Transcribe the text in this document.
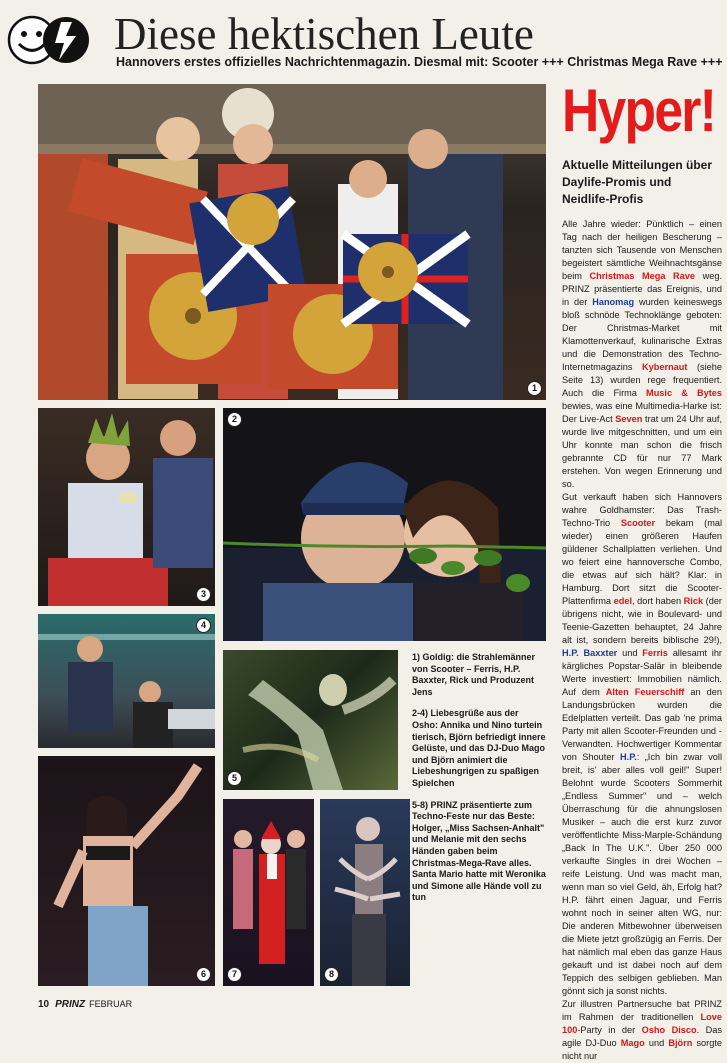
Diese hektischen Leute
Hannovers erstes offizielles Nachrichtenmagazin. Diesmal mit: Scooter +++ Christmas Mega Rave +++
1
3
2
4
5
6	7	8

1) Goldig: die Strahlemänner von Scooter – Ferris, H.P. Baxxter, Rick und Produzent Jens

2-4) Liebesgrüße aus der Osho: Annika und Nino turtein tierisch, Björn befriedigt innere Gelüste, und das DJ-Duo Mago und Björn animiert die Liebeshungrigen zu spaßigen Spielchen

5-8) PRINZ präsentierte zum Techno-Feste nur das Beste: Holger, „Miss Sachsen-Anhalt" und Melanie mit den sechs Händen gaben beim Christmas-Mega-Rave alles. Santa Mario hatte mit Weronika und Simone alle Hände voll zu tun

Hyper!
Aktuelle Mitteilungen über Daylife-Promis und Neidlife-Profis

Alle Jahre wieder: Pünktlich – einen Tag nach der heiligen Bescherung – tanzten sich Tausende von Menschen begeistert sämtliche Weihnachtsgänse beim Christmas Mega Rave weg. PRINZ präsentierte das Ereignis, und in der Hanomag wurden keineswegs bloß schnöde Technoklänge geboten: Der Christmas-Market mit Klamottenverkauf, kulinarische Extras und die Demonstration des Techno-Internetmagazins Kybernaut (siehe Seite 13) wurden rege frequentiert. Auch die Firma Music & Bytes bewies, was eine Multimedia-Harke ist: Der Live-Act Seven trat um 24 Uhr auf, wurde live mitgeschnitten, und um ein Uhr konnte man schon die frisch gebrannte CD für nur 77 Mark erstehen. Von wegen Erinnerung und so.

Gut verkauft haben sich Hannovers wahre Goldhamster: Das Trash-Techno-Trio Scooter bekam (mal wieder) einen größeren Haufen güldener Schallplatten verliehen. Und wo feiert eine hannoversche Combo, die etwas auf sich hält? Klar: in Hamburg. Dort sitzt die Scooter-Plattenfirma edel, dort haben Rick (der übrigens nicht, wie in Boulevard- und Teenie-Gazetten behauptet, 24 Jahre alt ist, sondern bereits biblische 29!), H.P. Baxxter und Ferris allesamt ihr kärgliches Popstar-Salär in bleibende Werte investiert: Immobilien nämlich. Auf dem Alten Feuerschiff an den Landungsbrücken wurden die Edelplatten verteilt. Das gab 'ne prima Party mit allen Scooter-Freunden und -Verwandten. Hochwertiger Kommentar von Shouter H.P.: „Ich bin zwar voll breit, is' aber alles voll geil!" Super! Belohnt wurde Scooters Sommerhit „Endless Summer" und – welch Überraschung für die ahnungslosen Musiker – auch die erst kurz zuvor veröffentlichte Miss-Marple-Schändung „Back In The U.K.". Über 250 000 verkaufte Singles in drei Wochen – reife Leistung. Und was macht man, wenn man so viel Geld, äh, Erfolg hat? H.P. fährt einen Jaguar, und Ferris wohnt noch in seiner alten WG, nur: Die anderen Mitbewohner überweisen die Miete jetzt großzügig an Ferris. Der hat nämlich mal eben das ganze Haus gekauft und ist dabei noch auf dem Teppich des selbigen geblieben. Man gönnt sich ja sonst nichts.

Zur illustren Partnersuche bat PRINZ im Rahmen der traditionellen Love 100-Party in der Osho Disco. Das agile DJ-Duo Mago und Björn sorgte nicht nur

10 PRINZ FEBRUAR
